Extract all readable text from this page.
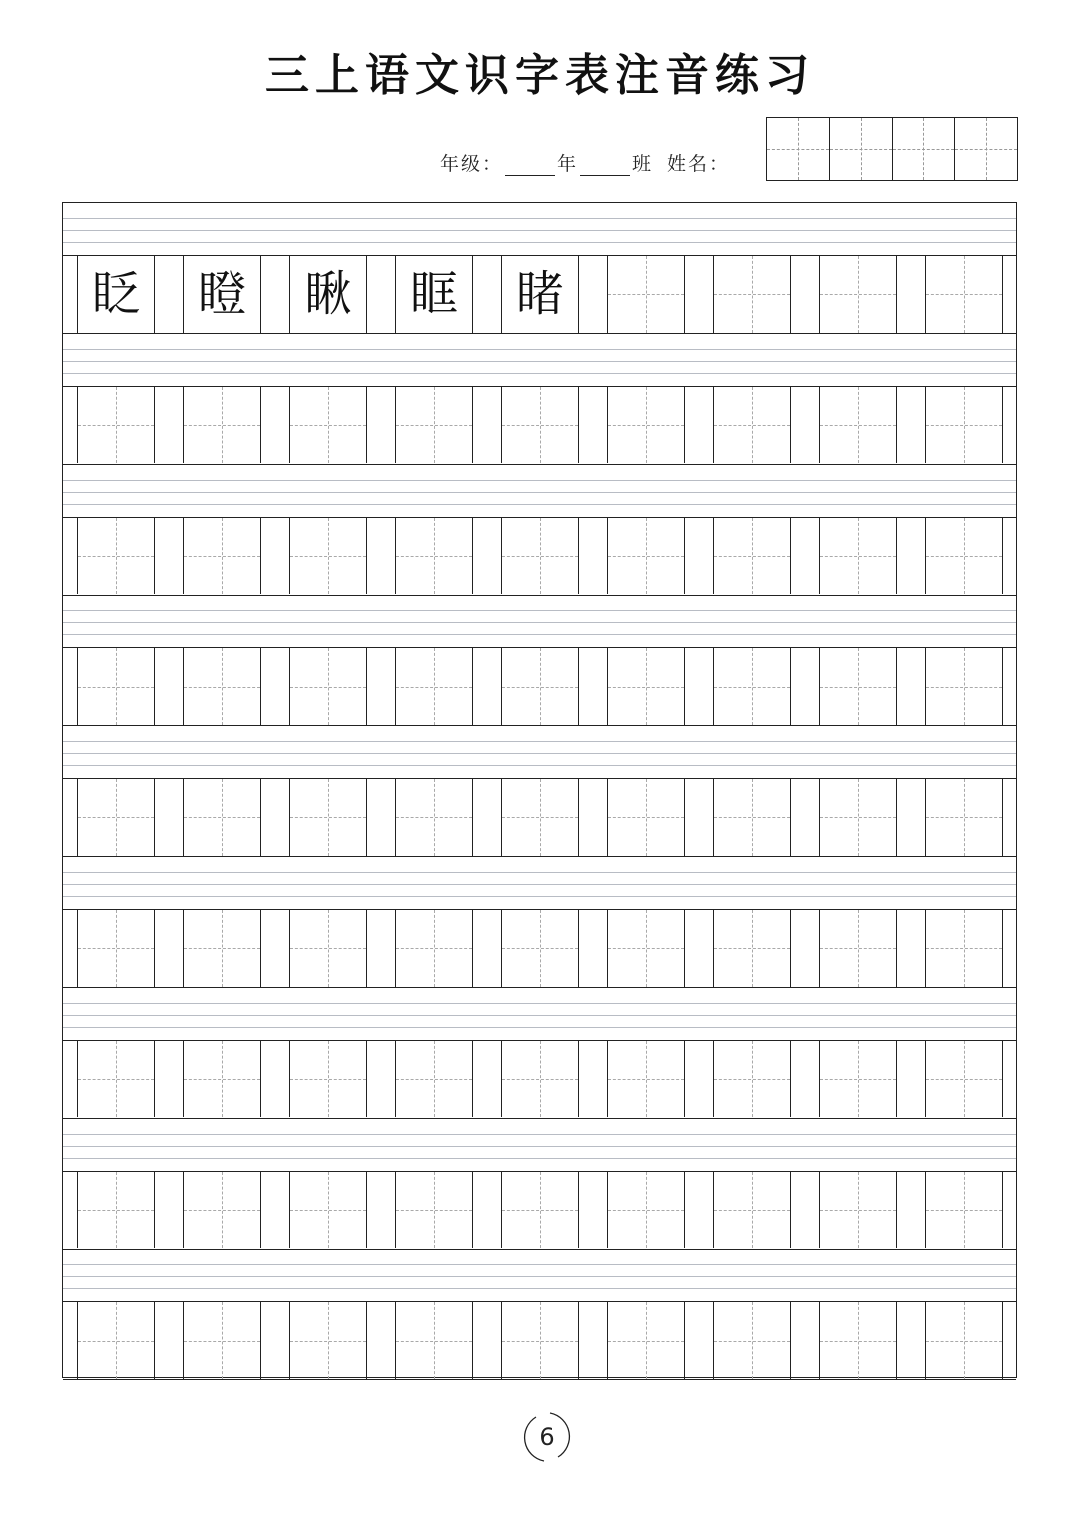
三上语文识字表注音练习
年级：	年	班 姓名：
眨 瞪 瞅 眶 睹
6
